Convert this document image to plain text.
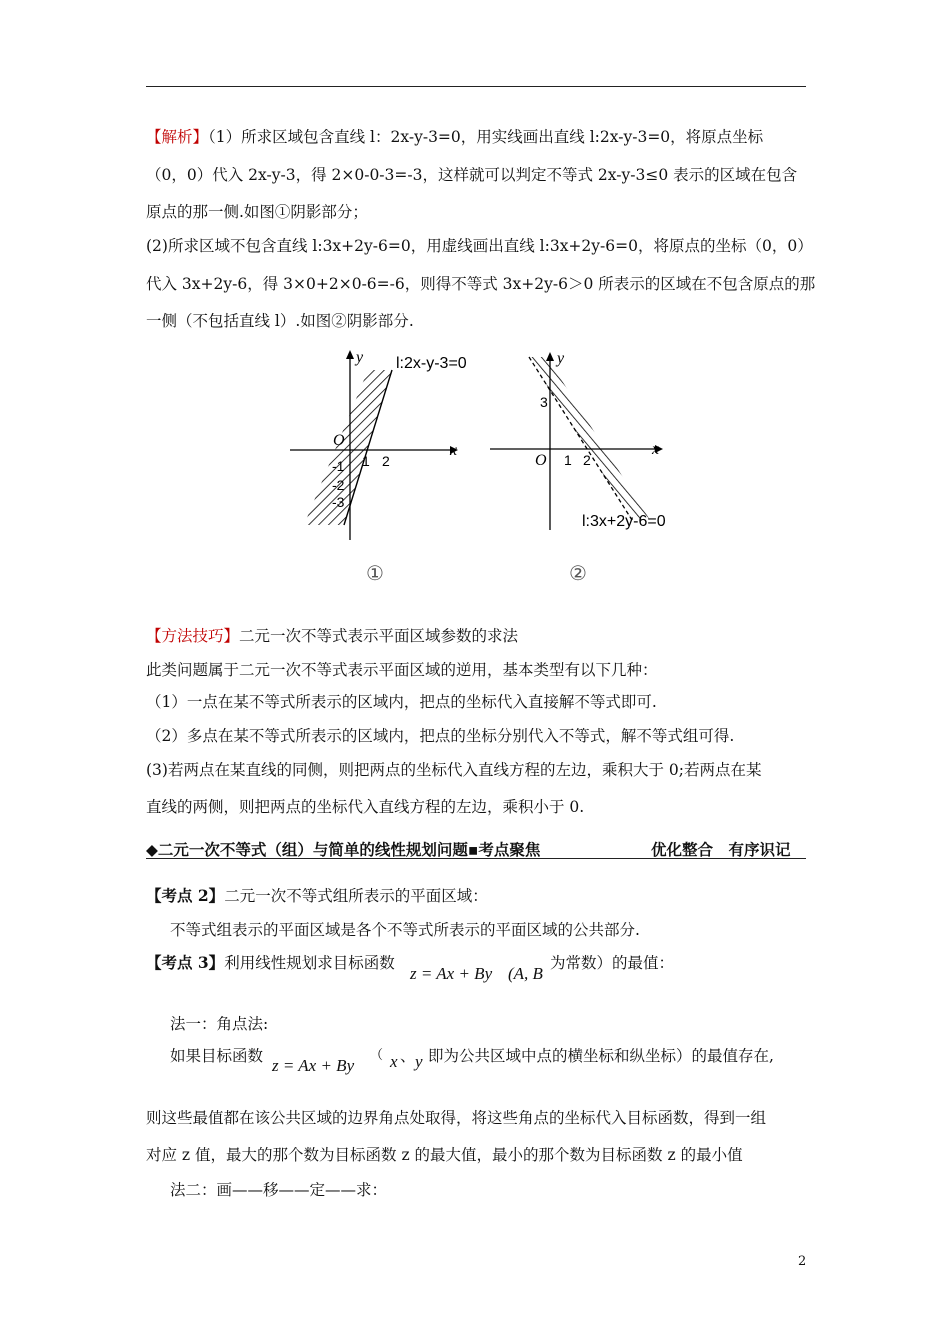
【解析】（1）所求区域包含直线 l：2x-y-3=0，用实线画出直线 l:2x-y-3=0，将原点坐标
（0，0）代入 2x-y-3，得 2×0-0-3=-3，这样就可以判定不等式 2x-y-3≤0 表示的区域在包含
原点的那一侧.如图①阴影部分；
(2)所求区域不包含直线 l:3x+2y-6=0，用虚线画出直线 l:3x+2y-6=0，将原点的坐标（0，0）
代入 3x+2y-6，得 3×0+2×0-6=-6，则得不等式 3x+2y-6＞0 所表示的区域在不包含原点的那
一侧（不包括直线 l）.如图②阴影部分.
y
x
l:2x-y-3=0
O
1 2
-1
-2
-3
y
x
O 1 2
3
l:3x+2y-6=0
①	②
【方法技巧】二元一次不等式表示平面区域参数的求法
此类问题属于二元一次不等式表示平面区域的逆用，基本类型有以下几种：
（1）一点在某不等式所表示的区域内，把点的坐标代入直接解不等式即可.
（2）多点在某不等式所表示的区域内，把点的坐标分别代入不等式，解不等式组可得.
(3)若两点在某直线的同侧，则把两点的坐标代入直线方程的左边，乘积大于 0;若两点在某
直线的两侧，则把两点的坐标代入直线方程的左边，乘积小于 0.
◆二元一次不等式（组）与简单的线性规划问题▪考点聚焦	优化整合　有序识记
【考点 2】二元一次不等式组所表示的平面区域：
不等式组表示的平面区域是各个不等式所表示的平面区域的公共部分.
【考点 3】利用线性规划求目标函数
z = Ax + By (A, B
为常数）的最值：
法一：角点法:
如果目标函数 z = Ax + By
（ x 、 y 即为公共区域中点的横坐标和纵坐标）的最值存在,
则这些最值都在该公共区域的边界角点处取得，将这些角点的坐标代入目标函数，得到一组
对应 z 值，最大的那个数为目标函数 z 的最大值，最小的那个数为目标函数 z 的最小值
法二：画——移——定——求：
2
